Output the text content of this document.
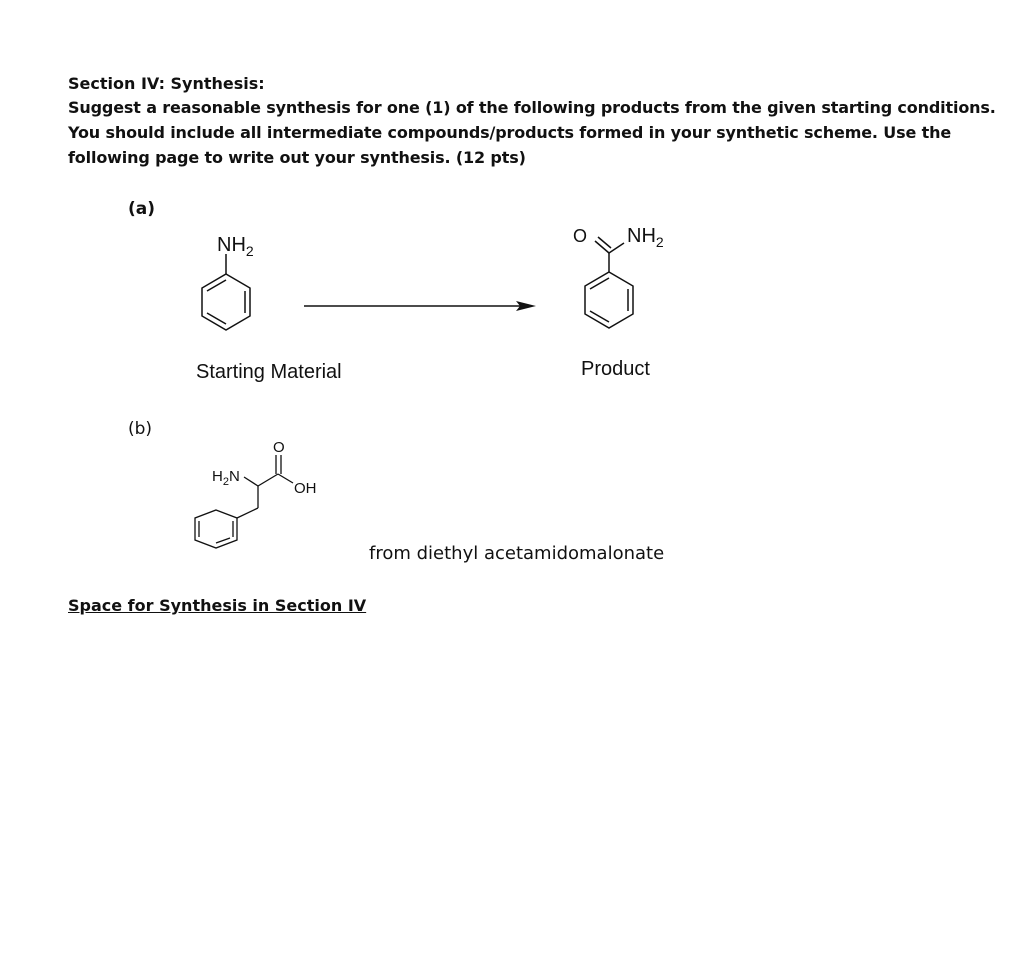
Section IV: Synthesis:
Suggest a reasonable synthesis for one (1) of the following products from the given starting conditions.
You should include all intermediate compounds/products formed in your synthetic scheme. Use the
following page to write out your synthesis. (12 pts)
(a)
$NH_2$
O $NH_2$
$H_2N$
O
OH
Starting Material	Product
(b)
from diethyl acetamidomalonate
Space for Synthesis in Section IV
